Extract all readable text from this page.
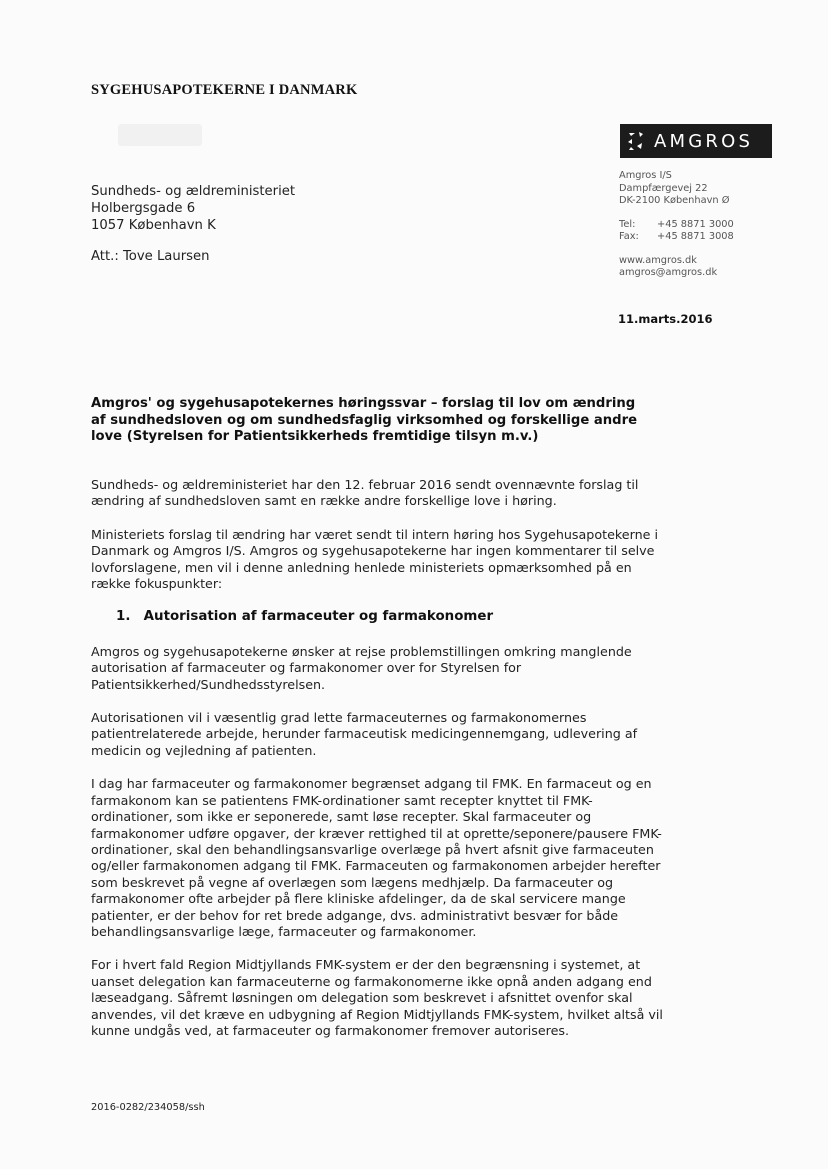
SYGEHUSAPOTEKERNE I DANMARK
AMGROS
Sundheds- og ældreministeriet
Holbergsgade 6
1057 København K
Att.: Tove Laursen
Amgros I/S
Dampfærgevej 22
DK-2100 København Ø
Tel:	+45 8871 3000
Fax:	+45 8871 3008
www.amgros.dk
amgros@amgros.dk
11.marts.2016
Amgros' og sygehusapotekernes høringssvar – forslag til lov om ændring af sundhedsloven og om sundhedsfaglig virksomhed og forskellige andre love (Styrelsen for Patientsikkerheds fremtidige tilsyn m.v.)

Sundheds- og ældreministeriet har den 12. februar 2016 sendt ovennævnte forslag til ændring af sundhedsloven samt en række andre forskellige love i høring.

Ministeriets forslag til ændring har været sendt til intern høring hos Sygehusapotekerne i Danmark og Amgros I/S. Amgros og sygehusapotekerne har ingen kommentarer til selve lovforslagene, men vil i denne anledning henlede ministeriets opmærksomhed på en række fokuspunkter:

1. Autorisation af farmaceuter og farmakonomer

Amgros og sygehusapotekerne ønsker at rejse problemstillingen omkring manglende autorisation af farmaceuter og farmakonomer over for Styrelsen for Patientsikkerhed/Sundhedsstyrelsen.

Autorisationen vil i væsentlig grad lette farmaceuternes og farmakonomernes patientrelaterede arbejde, herunder farmaceutisk medicingennemgang, udlevering af medicin og vejledning af patienten.

I dag har farmaceuter og farmakonomer begrænset adgang til FMK. En farmaceut og en farmakonom kan se patientens FMK-ordinationer samt recepter knyttet til FMK-ordinationer, som ikke er seponerede, samt løse recepter. Skal farmaceuter og farmakonomer udføre opgaver, der kræver rettighed til at oprette/seponere/pausere FMK-ordinationer, skal den behandlingsansvarlige overlæge på hvert afsnit give farmaceuten og/eller farmakonomen adgang til FMK. Farmaceuten og farmakonomen arbejder herefter som beskrevet på vegne af overlægen som lægens medhjælp. Da farmaceuter og farmakonomer ofte arbejder på flere kliniske afdelinger, da de skal servicere mange patienter, er der behov for ret brede adgange, dvs. administrativt besvær for både behandlingsansvarlige læge, farmaceuter og farmakonomer.

For i hvert fald Region Midtjyllands FMK-system er der den begrænsning i systemet, at uanset delegation kan farmaceuterne og farmakonomerne ikke opnå anden adgang end læseadgang. Såfremt løsningen om delegation som beskrevet i afsnittet ovenfor skal anvendes, vil det kræve en udbygning af Region Midtjyllands FMK-system, hvilket altså vil kunne undgås ved, at farmaceuter og farmakonomer fremover autoriseres.

2016-0282/234058/ssh
